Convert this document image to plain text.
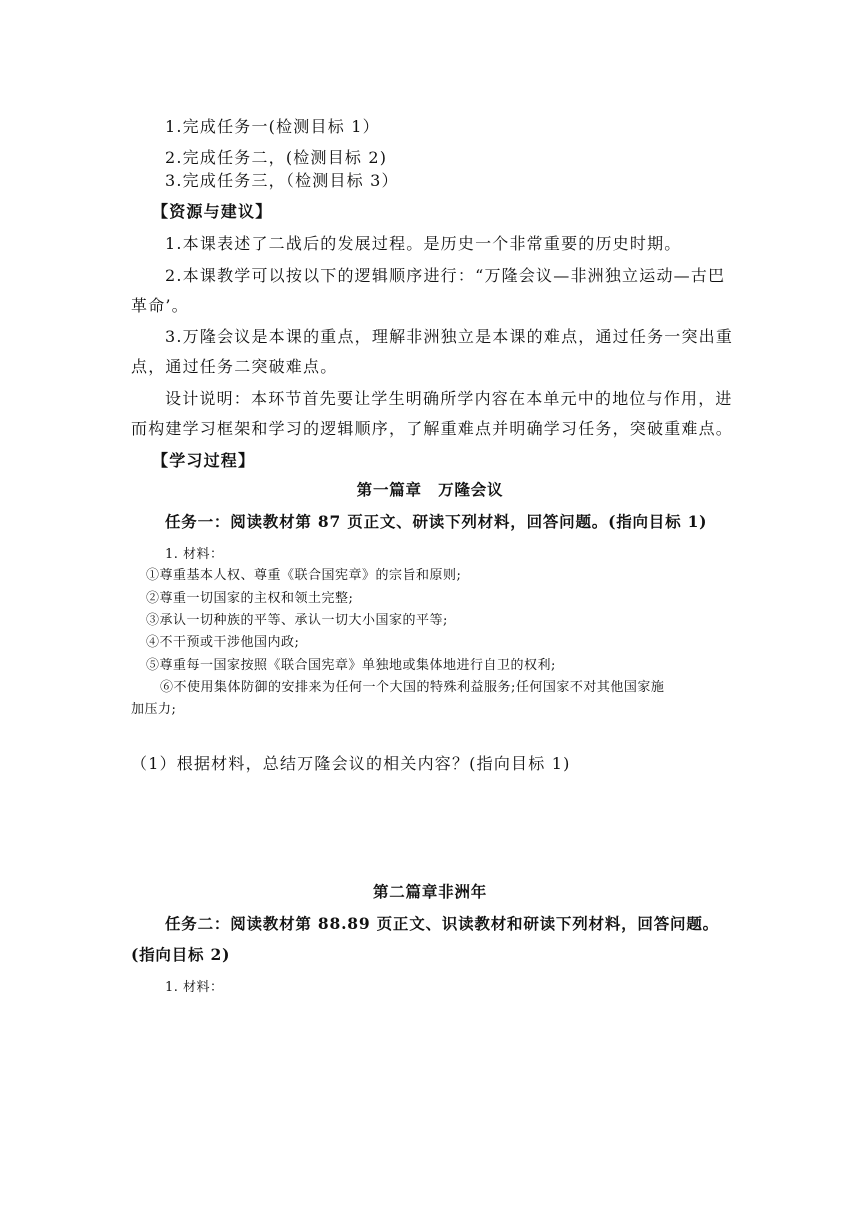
1.完成任务一(检测目标 1）
2.完成任务二，(检测目标 2)
3.完成任务三，（检测目标 3）
【资源与建议】
1.本课表述了二战后的发展过程。是历史一个非常重要的历史时期。
2.本课教学可以按以下的逻辑顺序进行：“万隆会议—非洲独立运动—古巴
革命’。
3.万隆会议是本课的重点，理解非洲独立是本课的难点，通过任务一突出重
点，通过任务二突破难点。
设计说明：本环节首先要让学生明确所学内容在本单元中的地位与作用，进
而构建学习框架和学习的逻辑顺序，了解重难点并明确学习任务，突破重难点。
【学习过程】
第一篇章　万隆会议
任务一：阅读教材第 87 页正文、研读下列材料，回答问题。(指向目标 1)
1. 材料：
①尊重基本人权、尊重《联合国宪章》的宗旨和原则;
②尊重一切国家的主权和领土完整;
③承认一切种族的平等、承认一切大小国家的平等;
④不干预或干涉他国内政;
⑤尊重每一国家按照《联合国宪章》单独地或集体地进行自卫的权利;
⑥不使用集体防御的安排来为任何一个大国的特殊利益服务;任何国家不对其他国家施
加压力;
（1）根据材料，总结万隆会议的相关内容？(指向目标 1)
第二篇章非洲年
任务二：阅读教材第 88.89 页正文、识读教材和研读下列材料，回答问题。
(指向目标 2)
1. 材料：
